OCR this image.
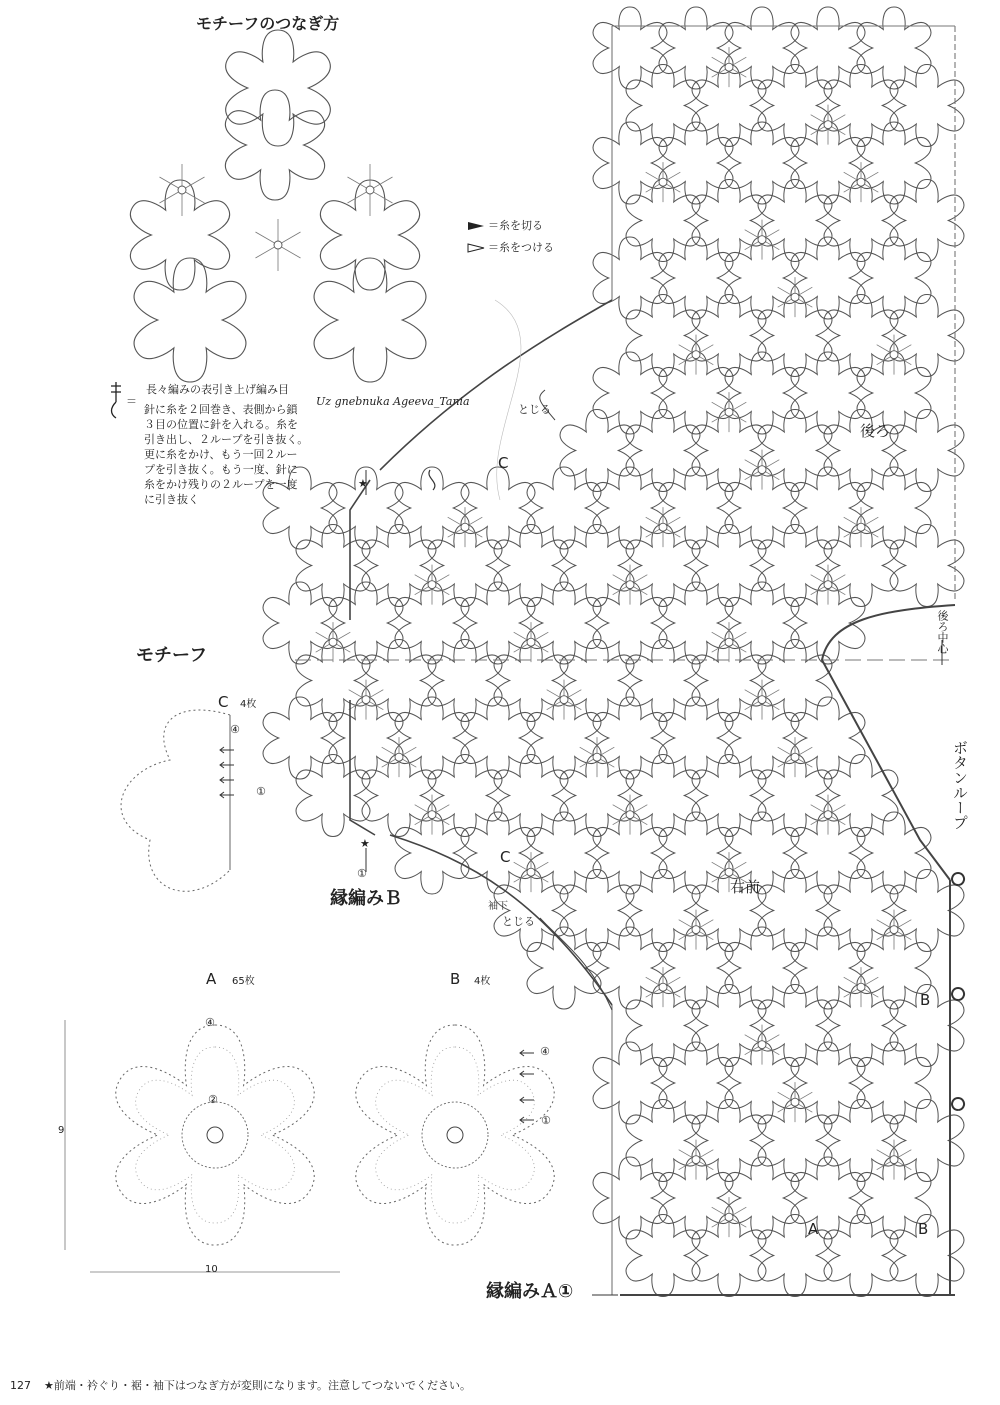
モチーフのつなぎ方
＝糸を切る
＝糸をつける
＝
長々編みの表引き上げ編み目
針に糸を２回巻き、表側から鎖
３目の位置に針を入れる。糸を
引き出し、２ループを引き抜く。
更に糸をかけ、もう一回２ルー
プを引き抜く。もう一度、針に
糸をかけ残りの２ループを一度
に引き抜く
Uz gnebnuka Ageeva_Tania
モチーフ
C 4枚
④
①
A 65枚
④
②
9
10
B 4枚
④
①
後ろ
右前
とじる
袖下
とじる
後ろ中心
ボタンループ
C
C
B
B
A
★
★
①
縁編みＢ
縁編みＡ①
127 ★前端・衿ぐり・裾・袖下はつなぎ方が変則になります。注意してつないでください。
